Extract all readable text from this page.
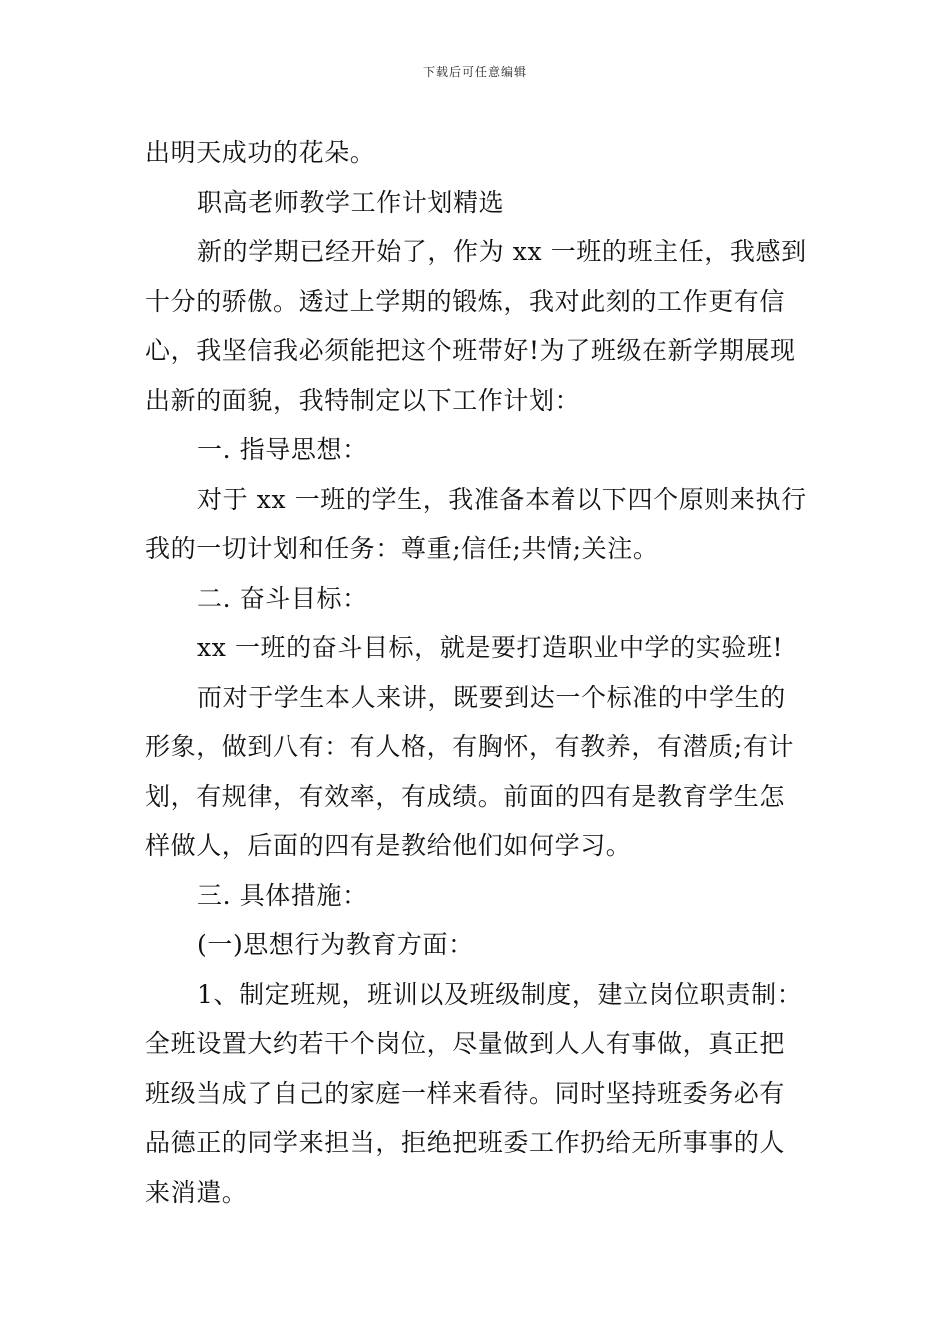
下载后可任意编辑
出明天成功的花朵。
职高老师教学工作计划精选
新的学期已经开始了，作为 xx 一班的班主任，我感到
十分的骄傲。透过上学期的锻炼，我对此刻的工作更有信
心，我坚信我必须能把这个班带好!为了班级在新学期展现
出新的面貌，我特制定以下工作计划：
一. 指导思想：
对于 xx 一班的学生，我准备本着以下四个原则来执行
我的一切计划和任务：尊重;信任;共情;关注。
二. 奋斗目标：
xx 一班的奋斗目标，就是要打造职业中学的实验班!
而对于学生本人来讲，既要到达一个标准的中学生的
形象，做到八有：有人格，有胸怀，有教养，有潜质;有计
划，有规律，有效率，有成绩。前面的四有是教育学生怎
样做人，后面的四有是教给他们如何学习。
三. 具体措施：
(一)思想行为教育方面：
1、制定班规，班训以及班级制度，建立岗位职责制：
全班设置大约若干个岗位，尽量做到人人有事做，真正把
班级当成了自己的家庭一样来看待。同时坚持班委务必有
品德正的同学来担当，拒绝把班委工作扔给无所事事的人
来消遣。
